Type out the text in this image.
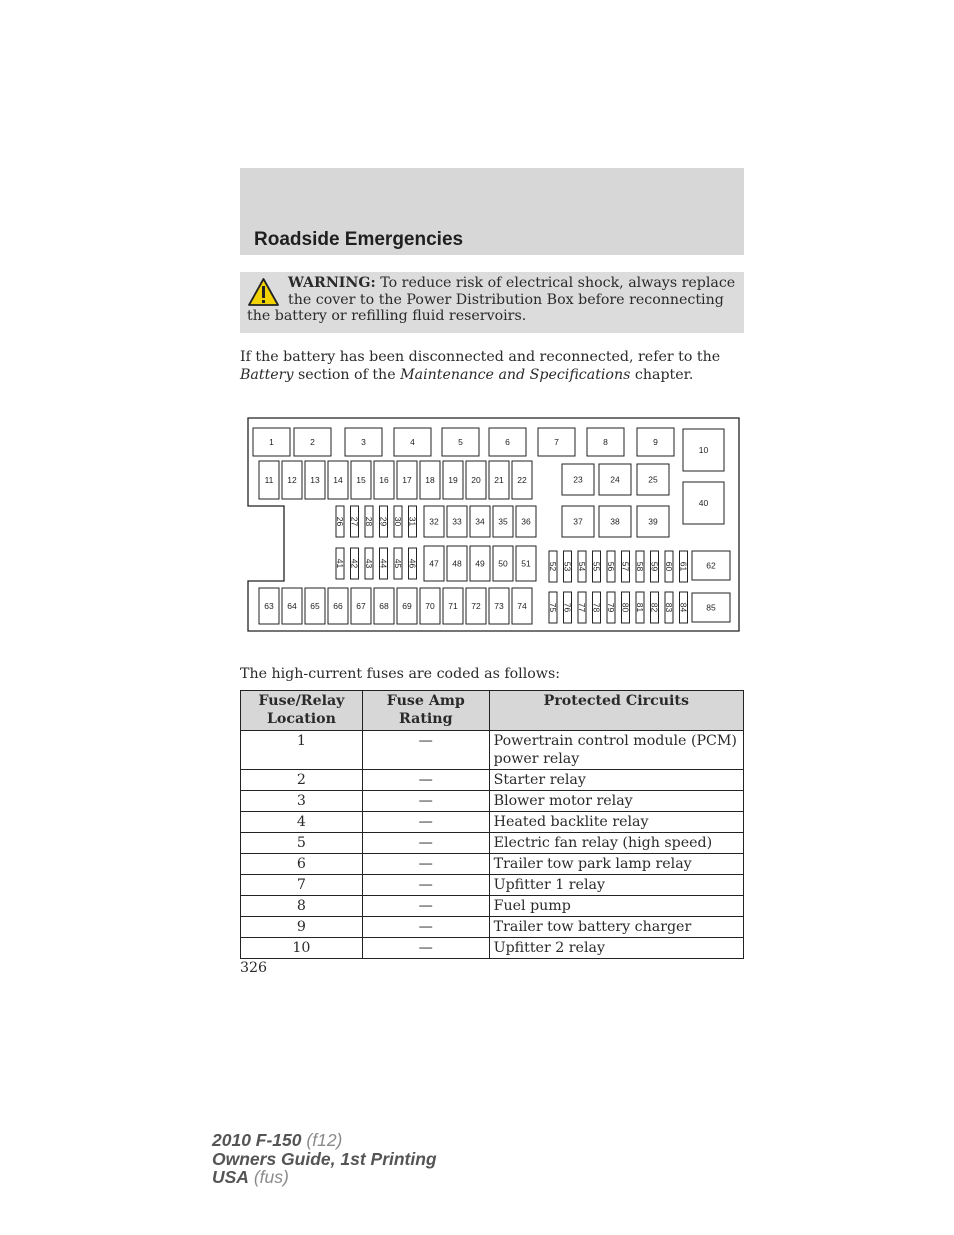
Roadside Emergencies
WARNING: To reduce risk of electrical shock, always replace the cover to the Power Distribution Box before reconnecting the battery or refilling fluid reservoirs.

If the battery has been disconnected and reconnected, refer to the
Battery section of the Maintenance and Specifications chapter.

1	2	3	4	5	6	7	8	9
11 12 13 14 15 16 17 18 19 20 21 22	23	24	25
26 27 28 29 30 31 32 33 34 35 36	37	38	39
41 42 43 44 45 46 47 48 49 50 51 52 53 54 55 56 57 58 59 60 61
63 64 65 66 67 68 69 70 71 72 73 74	75 76 77 78 79 80 81 82 83 84
10
40
62
85
The high-current fuses are coded as follows:
Fuse/Relay Location	Fuse Amp Rating	Protected Circuits
1	—	Powertrain control module (PCM) power relay
2	—	Starter relay
3	—	Blower motor relay
4	—	Heated backlite relay
5	—	Electric fan relay (high speed)
6	—	Trailer tow park lamp relay
7	—	Upfitter 1 relay
8	—	Fuel pump
9	—	Trailer tow battery charger
10	—	Upfitter 2 relay
326
2010 F-150 (f12)
Owners Guide, 1st Printing
USA (fus)
